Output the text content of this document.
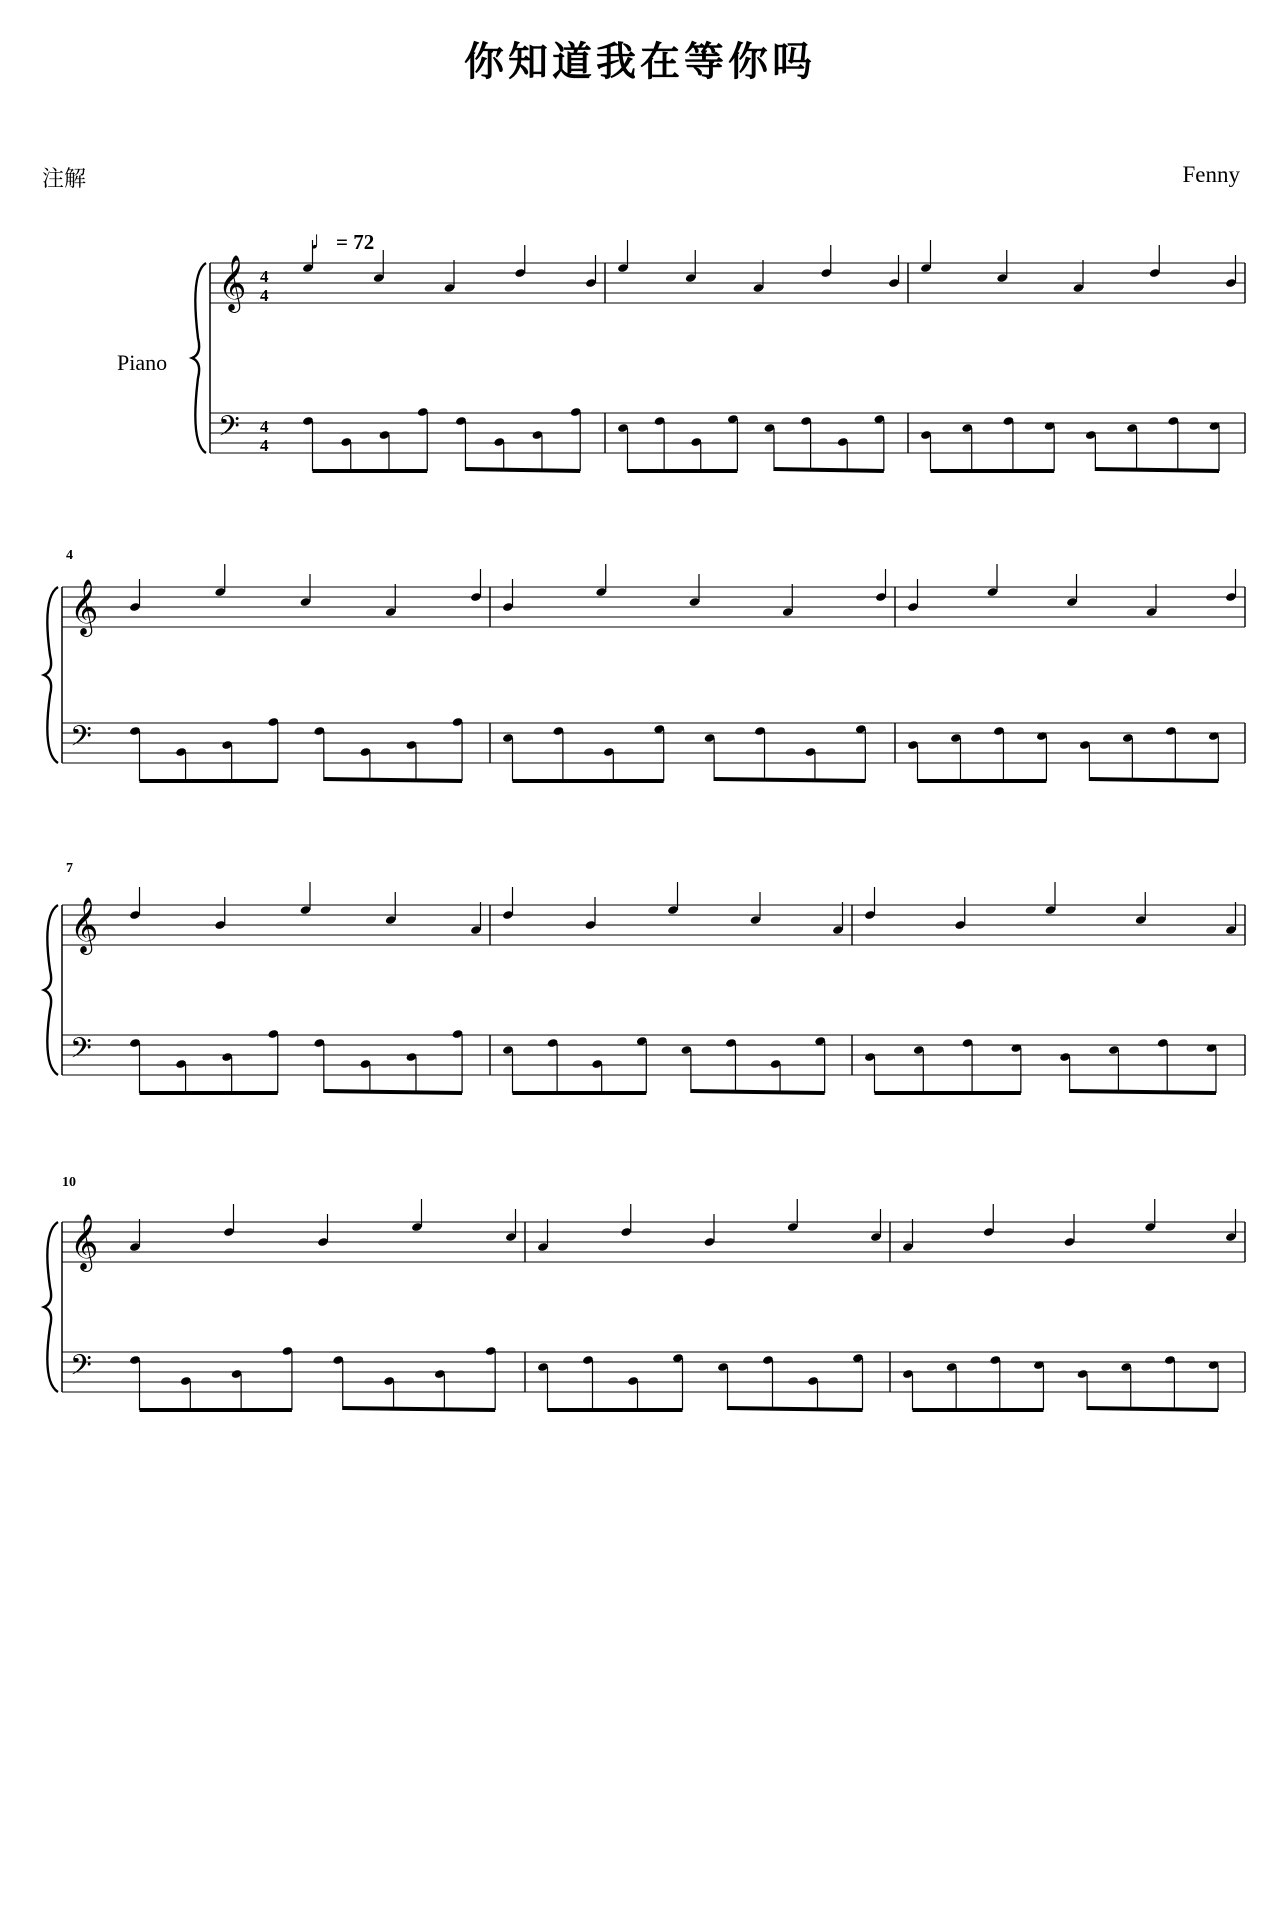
你知道我在等你吗
注解	Fenny
♩= 72
Piano
4
7
10
𝄞 4
4
𝄢 4
4
𝄞
𝄢
𝄞
𝄢
𝄞
𝄢
